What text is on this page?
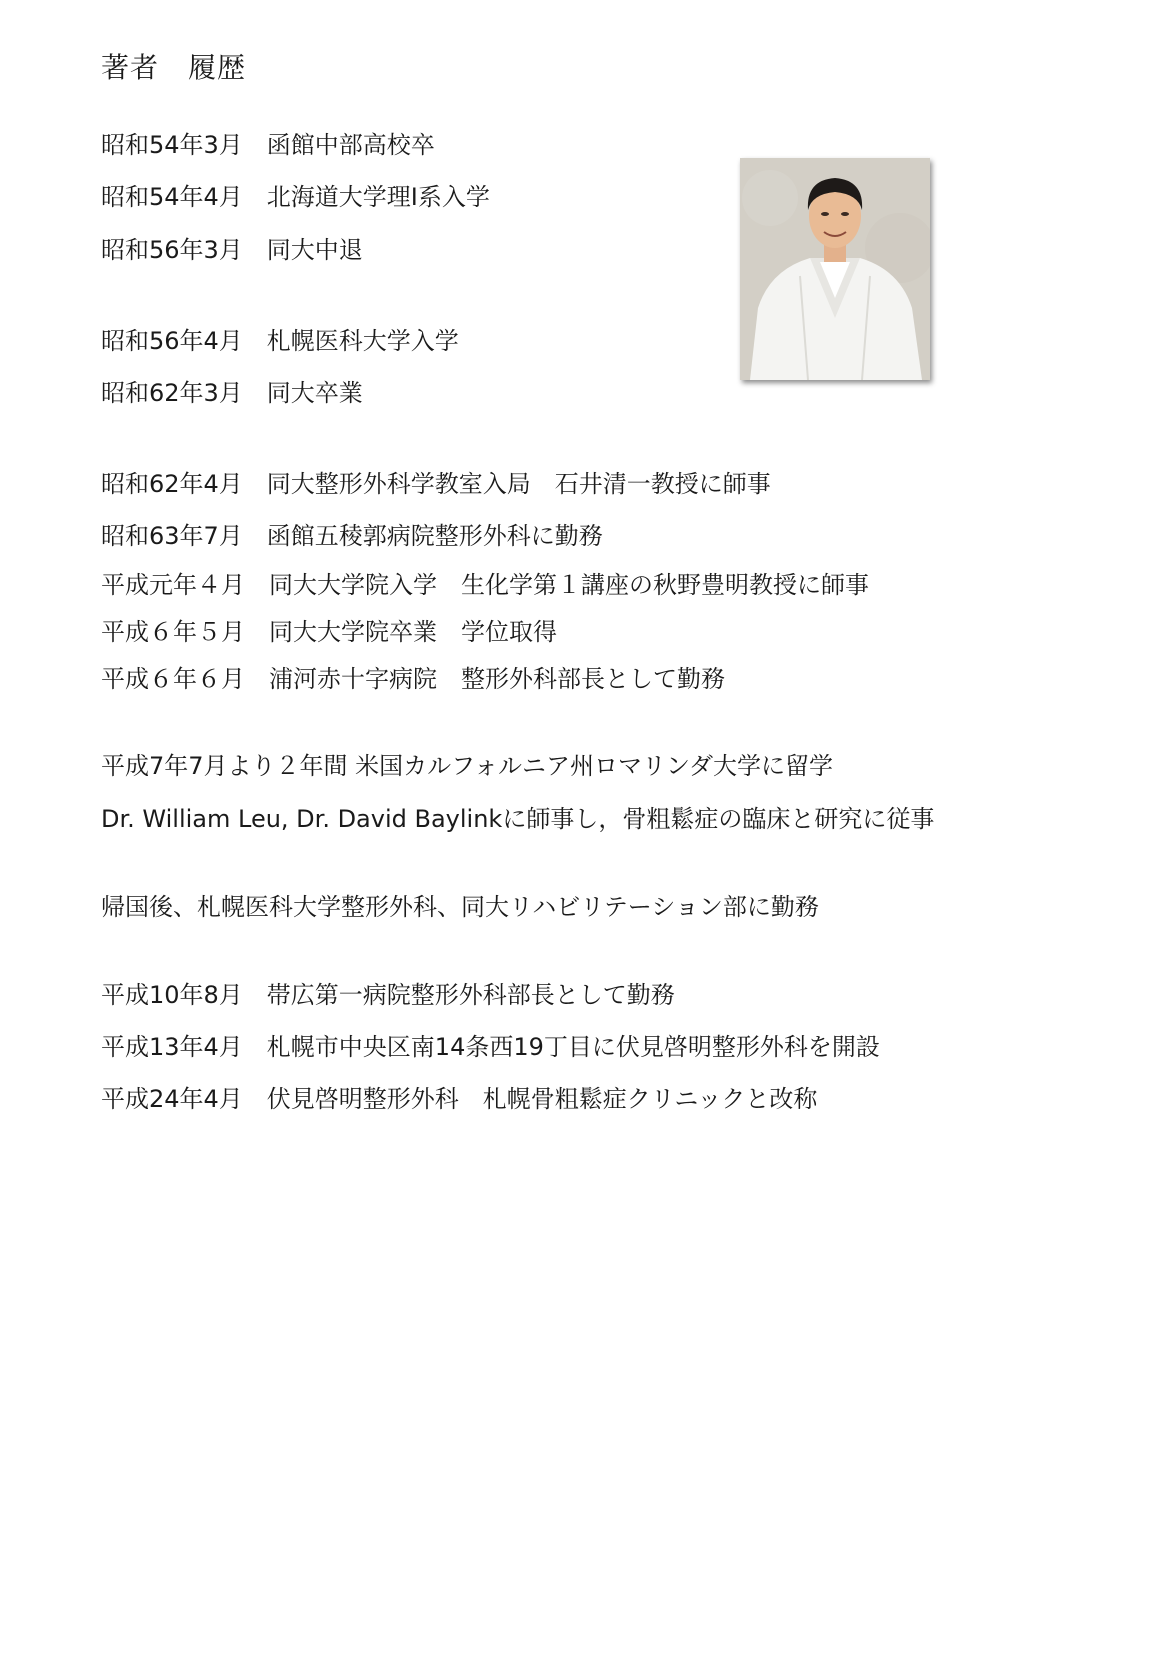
著者　履歴
昭和54年3月　函館中部高校卒
昭和54年4月　北海道大学理Ⅰ系入学
昭和56年3月　同大中退
昭和56年4月　札幌医科大学入学
昭和62年3月　同大卒業
昭和62年4月　同大整形外科学教室入局　石井清一教授に師事
昭和63年7月　函館五稜郭病院整形外科に勤務
平成元年４月　同大大学院入学　生化学第１講座の秋野豊明教授に師事
平成６年５月　同大大学院卒業　学位取得
平成６年６月　浦河赤十字病院　整形外科部長として勤務
平成7年7月より２年間 米国カルフォルニア州ロマリンダ大学に留学
Dr. William Leu, Dr. David Baylinkに師事し，骨粗鬆症の臨床と研究に従事
帰国後、札幌医科大学整形外科、同大リハビリテーション部に勤務
平成10年8月　帯広第一病院整形外科部長として勤務
平成13年4月　札幌市中央区南14条西19丁目に伏見啓明整形外科を開設
平成24年4月　伏見啓明整形外科　札幌骨粗鬆症クリニックと改称
